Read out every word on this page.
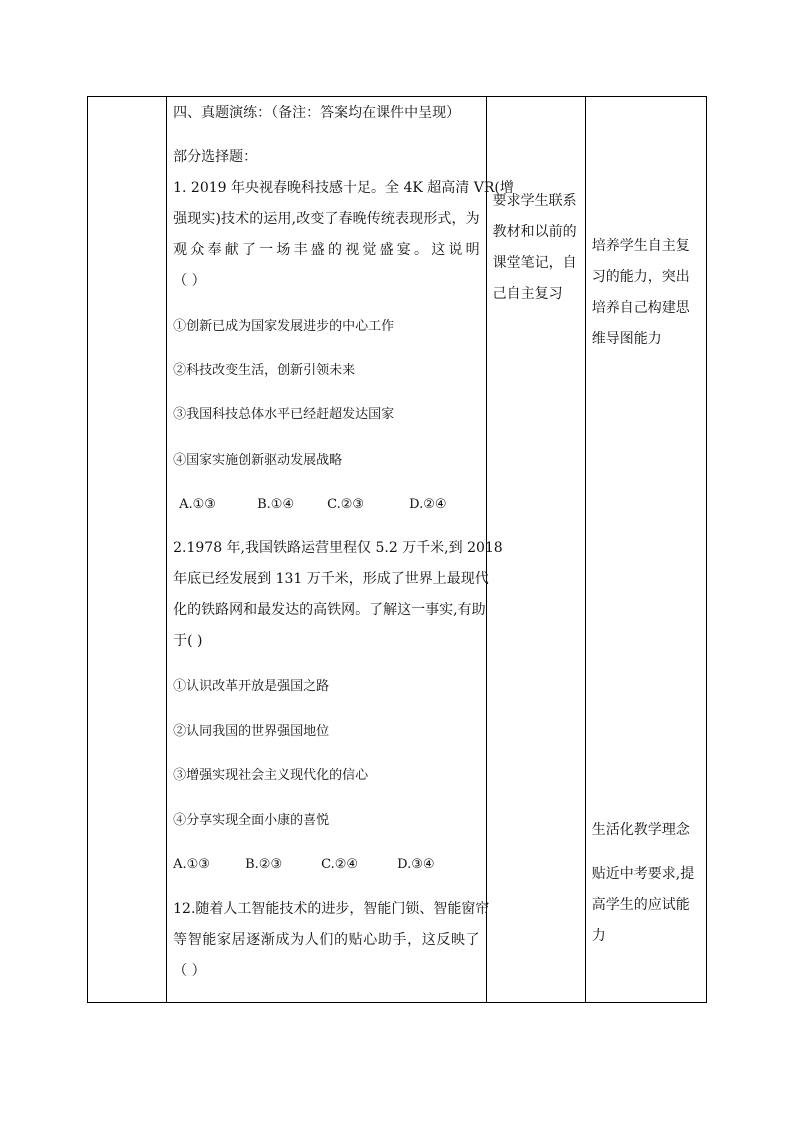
四、真题演练：（备注：答案均在课件中呈现）
部分选择题：
1. 2019 年央视春晚科技感十足。全 4K 超高清 VR(增
强现实)技术的运用,改变了春晚传统表现形式，为
观众奉献了一场丰盛的视觉盛宴。这说明
（ ）
①创新已成为国家发展进步的中心工作
②科技改变生活，创新引领未来
③我国科技总体水平已经赶超发达国家
④国家实施创新驱动发展战略
A.①③	B.①④	C.②③	D.②④
2.1978 年,我国铁路运营里程仅 5.2 万千米,到 2018
年底已经发展到 131 万千米，形成了世界上最现代
化的铁路网和最发达的高铁网。了解这一事实,有助
于( )
①认识改革开放是强国之路
②认同我国的世界强国地位
③增强实现社会主义现代化的信心
④分享实现全面小康的喜悦
A.①③	B.②③	C.②④	D.③④
12.随着人工智能技术的进步，智能门锁、智能窗帘
等智能家居逐渐成为人们的贴心助手，这反映了
（ ）

要求学生联系
教材和以前的
课堂笔记，自
己自主复习

培养学生自主复
习的能力，突出
培养自己构建思
维导图能力
生活化教学理念
贴近中考要求,提
高学生的应试能
力
